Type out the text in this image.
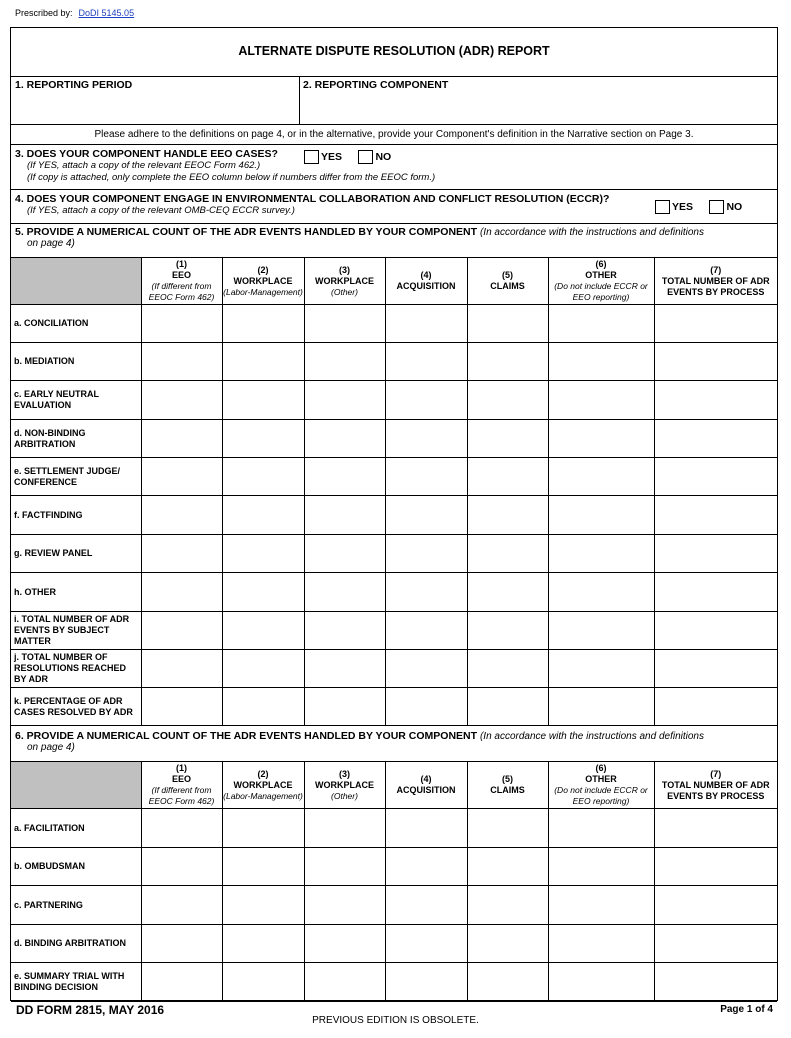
Prescribed by: DoDI 5145.05
ALTERNATE DISPUTE RESOLUTION (ADR) REPORT
1. REPORTING PERIOD	2. REPORTING COMPONENT
Please adhere to the definitions on page 4, or in the alternative, provide your Component's definition in the Narrative section on Page 3.
3. DOES YOUR COMPONENT HANDLE EEO CASES?	YES	NO
(If YES, attach a copy of the relevant EEOC Form 462.)
(If copy is attached, only complete the EEO column below if numbers differ from the EEOC form.)
4. DOES YOUR COMPONENT ENGAGE IN ENVIRONMENTAL COLLABORATION AND CONFLICT RESOLUTION (ECCR)?
(If YES, attach a copy of the relevant OMB-CEQ ECCR survey.)	YES	NO
5. PROVIDE A NUMERICAL COUNT OF THE ADR EVENTS HANDLED BY YOUR COMPONENT (In accordance with the instructions and definitions
on page 4)

	(1)
EEO
(If different from EEOC Form 462)	(2)
WORKPLACE
(Labor-Management)	(3)
WORKPLACE
(Other)	(4)
ACQUISITION	(5)
CLAIMS	(6)
OTHER
(Do not include ECCR or EEO reporting)	(7)
TOTAL NUMBER OF ADR EVENTS BY PROCESS

a. CONCILIATION							
b. MEDIATION							
c. EARLY NEUTRAL EVALUATION							
d. NON-BINDING ARBITRATION							
e. SETTLEMENT JUDGE/ CONFERENCE							
f. FACTFINDING							
g. REVIEW PANEL							
h. OTHER							
i. TOTAL NUMBER OF ADR EVENTS BY SUBJECT MATTER							
j. TOTAL NUMBER OF RESOLUTIONS REACHED BY ADR							
k. PERCENTAGE OF ADR CASES RESOLVED BY ADR							
6. PROVIDE A NUMERICAL COUNT OF THE ADR EVENTS HANDLED BY YOUR COMPONENT (In accordance with the instructions and definitions
on page 4)

	(1)
EEO
(If different from EEOC Form 462)	(2)
WORKPLACE
(Labor-Management)	(3)
WORKPLACE
(Other)	(4)
ACQUISITION	(5)
CLAIMS	(6)
OTHER
(Do not include ECCR or EEO reporting)	(7)
TOTAL NUMBER OF ADR EVENTS BY PROCESS

a. FACILITATION							
b. OMBUDSMAN							
c. PARTNERING							
d. BINDING ARBITRATION							
e. SUMMARY TRIAL WITH BINDING DECISION							
DD FORM 2815, MAY 2016
PREVIOUS EDITION IS OBSOLETE.
Page 1 of 4
